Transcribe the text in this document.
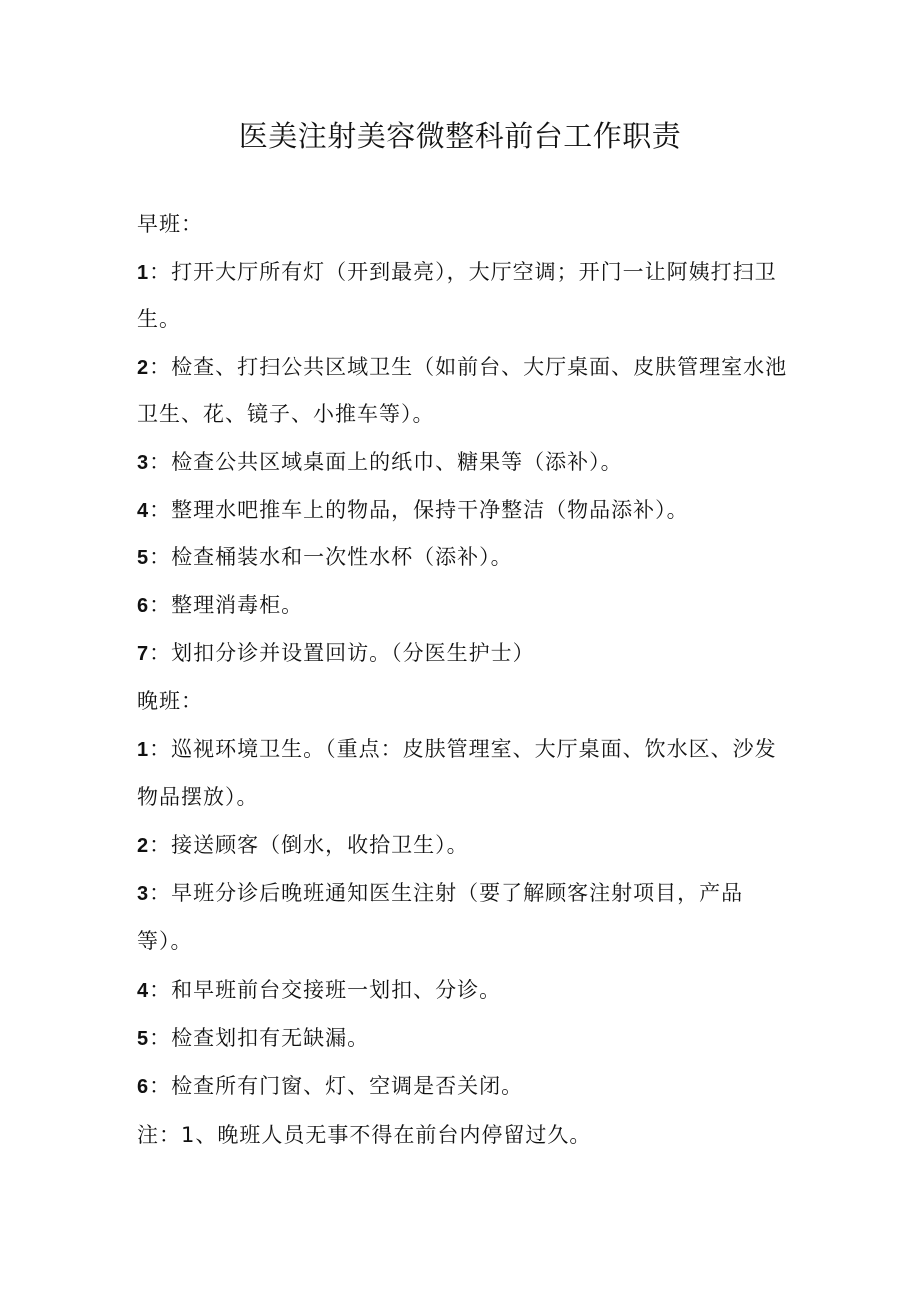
医美注射美容微整科前台工作职责
早班：
1：打开大厅所有灯（开到最亮），大厅空调；开门一让阿姨打扫卫
生。
2：检查、打扫公共区域卫生（如前台、大厅桌面、皮肤管理室水池
卫生、花、镜子、小推车等）。
3：检查公共区域桌面上的纸巾、糖果等（添补）。
4：整理水吧推车上的物品，保持干净整洁（物品添补）。
5：检查桶装水和一次性水杯（添补）。
6：整理消毒柜。
7：划扣分诊并设置回访。（分医生护士）
晚班：
1：巡视环境卫生。（重点：皮肤管理室、大厅桌面、饮水区、沙发
物品摆放）。
2：接送顾客（倒水，收拾卫生）。
3：早班分诊后晚班通知医生注射（要了解顾客注射项目，产品
等）。
4：和早班前台交接班一划扣、分诊。
5：检查划扣有无缺漏。
6：检查所有门窗、灯、空调是否关闭。
注：1、晚班人员无事不得在前台内停留过久。
